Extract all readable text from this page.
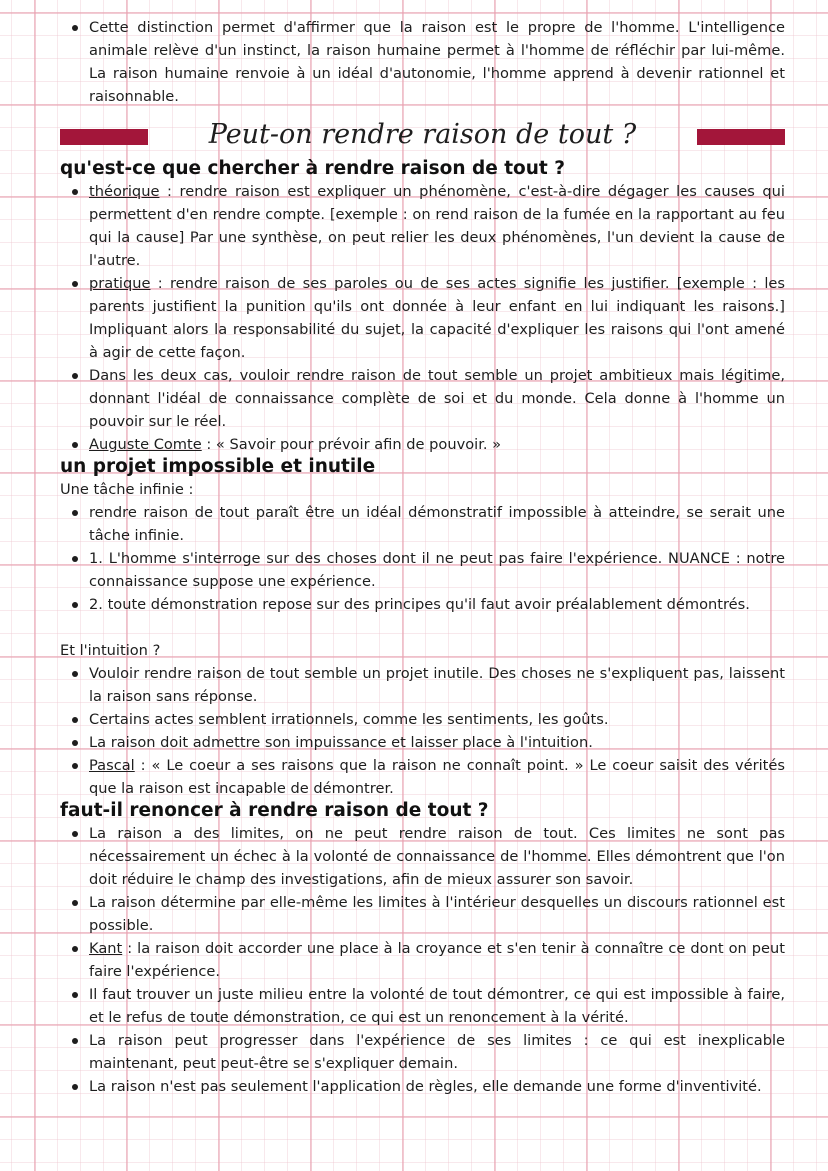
Cette distinction permet d'affirmer que la raison est le propre de l'homme. L'intelligence animale relève d'un instinct, la raison humaine permet à l'homme de réfléchir par lui-même. La raison humaine renvoie à un idéal d'autonomie, l'homme apprend à devenir rationnel et raisonnable.
Peut-on rendre raison de tout ?
qu'est-ce que chercher à rendre raison de tout ?
théorique : rendre raison est expliquer un phénomène, c'est-à-dire dégager les causes qui permettent d'en rendre compte. [exemple : on rend raison de la fumée en la rapportant au feu qui la cause] Par une synthèse, on peut relier les deux phénomènes, l'un devient la cause de l'autre.
pratique : rendre raison de ses paroles ou de ses actes signifie les justifier. [exemple : les parents justifient la punition qu'ils ont donnée à leur enfant en lui indiquant les raisons.] Impliquant alors la responsabilité du sujet, la capacité d'expliquer les raisons qui l'ont amené à agir de cette façon.
Dans les deux cas, vouloir rendre raison de tout semble un projet ambitieux mais légitime, donnant l'idéal de connaissance complète de soi et du monde. Cela donne à l'homme un pouvoir sur le réel.
Auguste Comte : « Savoir pour prévoir afin de pouvoir. »
un projet impossible et inutile
Une tâche infinie :
rendre raison de tout paraît être un idéal démonstratif impossible à atteindre, se serait une tâche infinie.
1. L'homme s'interroge sur des choses dont il ne peut pas faire l'expérience. NUANCE : notre connaissance suppose une expérience.
2. toute démonstration repose sur des principes qu'il faut avoir préalablement démontrés.
Et l'intuition ?
Vouloir rendre raison de tout semble un projet inutile. Des choses ne s'expliquent pas, laissent la raison sans réponse.
Certains actes semblent irrationnels, comme les sentiments, les goûts.
La raison doit admettre son impuissance et laisser place à l'intuition.
Pascal : « Le coeur a ses raisons que la raison ne connaît point. » Le coeur saisit des vérités que la raison est incapable de démontrer.
faut-il renoncer à rendre raison de tout ?
La raison a des limites, on ne peut rendre raison de tout. Ces limites ne sont pas nécessairement un échec à la volonté de connaissance de l'homme. Elles démontrent que l'on doit réduire le champ des investigations, afin de mieux assurer son savoir.
La raison détermine par elle-même les limites à l'intérieur desquelles un discours rationnel est possible.
Kant : la raison doit accorder une place à la croyance et s'en tenir à connaître ce dont on peut faire l'expérience.
Il faut trouver un juste milieu entre la volonté de tout démontrer, ce qui est impossible à faire, et le refus de toute démonstration, ce qui est un renoncement à la vérité.
La raison peut progresser dans l'expérience de ses limites : ce qui est inexplicable maintenant, peut peut-être se s'expliquer demain.
La raison n'est pas seulement l'application de règles, elle demande une forme d'inventivité.
